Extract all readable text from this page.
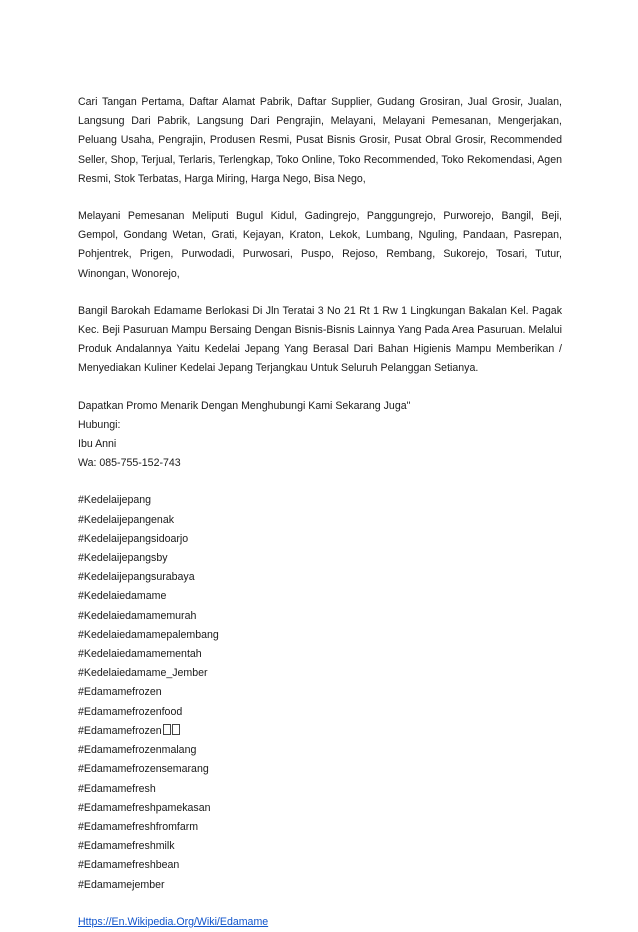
Cari Tangan Pertama, Daftar Alamat Pabrik, Daftar Supplier, Gudang Grosiran, Jual Grosir, Jualan, Langsung Dari Pabrik, Langsung Dari Pengrajin, Melayani, Melayani Pemesanan, Mengerjakan, Peluang Usaha, Pengrajin, Produsen Resmi, Pusat Bisnis Grosir, Pusat Obral Grosir, Recommended Seller, Shop, Terjual, Terlaris, Terlengkap, Toko Online, Toko Recommended, Toko Rekomendasi, Agen Resmi, Stok Terbatas, Harga Miring, Harga Nego, Bisa Nego,

Melayani Pemesanan Meliputi Bugul Kidul, Gadingrejo, Panggungrejo, Purworejo, Bangil, Beji, Gempol, Gondang Wetan, Grati, Kejayan, Kraton, Lekok, Lumbang, Nguling, Pandaan, Pasrepan, Pohjentrek, Prigen, Purwodadi, Purwosari, Puspo, Rejoso, Rembang, Sukorejo, Tosari, Tutur, Winongan, Wonorejo,

Bangil Barokah Edamame Berlokasi Di Jln Teratai 3 No 21 Rt 1 Rw 1 Lingkungan Bakalan Kel. Pagak Kec. Beji Pasuruan Mampu Bersaing Dengan Bisnis-Bisnis Lainnya Yang Pada Area Pasuruan. Melalui Produk Andalannya Yaitu Kedelai Jepang Yang Berasal Dari Bahan Higienis Mampu Memberikan / Menyediakan Kuliner Kedelai Jepang Terjangkau Untuk Seluruh Pelanggan Setianya.

Dapatkan Promo Menarik Dengan Menghubungi Kami Sekarang Juga"

Hubungi:

Ibu Anni

Wa: 085-755-152-743

#Kedelaijepang

#Kedelaijepangenak

#Kedelaijepangsidoarjo

#Kedelaijepangsby

#Kedelaijepangsurabaya

#Kedelaiedamame

#Kedelaiedamamemurah

#Kedelaiedamamepalembang

#Kedelaiedamamementah

#Kedelaiedamame_Jember

#Edamamefrozen

#Edamamefrozenfood

#Edamamefrozen

#Edamamefrozenmalang

#Edamamefrozensemarang

#Edamamefresh

#Edamamefreshpamekasan

#Edamamefreshfromfarm

#Edamamefreshmilk

#Edamamefreshbean

#Edamamejember

Https://En.Wikipedia.Org/Wiki/Edamame
